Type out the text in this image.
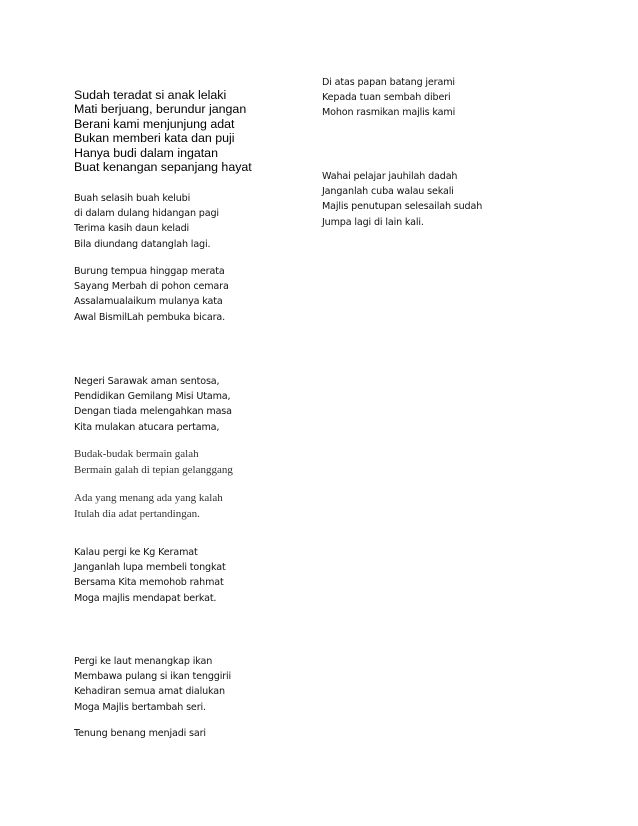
Sudah teradat si anak lelaki
Mati berjuang, berundur jangan
Berani kami menjunjung adat
Bukan memberi kata dan puji
Hanya budi dalam ingatan
Buat kenangan sepanjang hayat
Buah selasih buah kelubi
di dalam dulang hidangan pagi
Terima kasih daun keladi
Bila diundang datanglah lagi.
Burung tempua hinggap merata
Sayang Merbah di pohon cemara
Assalamualaikum mulanya kata
Awal BismilLah pembuka bicara.
Negeri Sarawak aman sentosa,
Pendidikan Gemilang Misi Utama,
Dengan tiada melengahkan masa
Kita mulakan atucara pertama,
Budak-budak bermain galah
Bermain galah di tepian gelanggang
Ada yang menang ada yang kalah
Itulah dia adat pertandingan.
Kalau pergi ke Kg Keramat
Janganlah lupa membeli tongkat
Bersama Kita memohob rahmat
Moga majlis mendapat berkat.
Pergi ke laut menangkap ikan
Membawa pulang si ikan tenggirii
Kehadiran semua amat dialukan
Moga Majlis bertambah seri.
Tenung benang menjadi sari
Di atas papan batang jerami
Kepada tuan sembah diberi
Mohon rasmikan majlis kami
Wahai pelajar jauhilah dadah
Janganlah cuba walau sekali
Majlis penutupan selesailah sudah
Jumpa lagi di lain kali.
